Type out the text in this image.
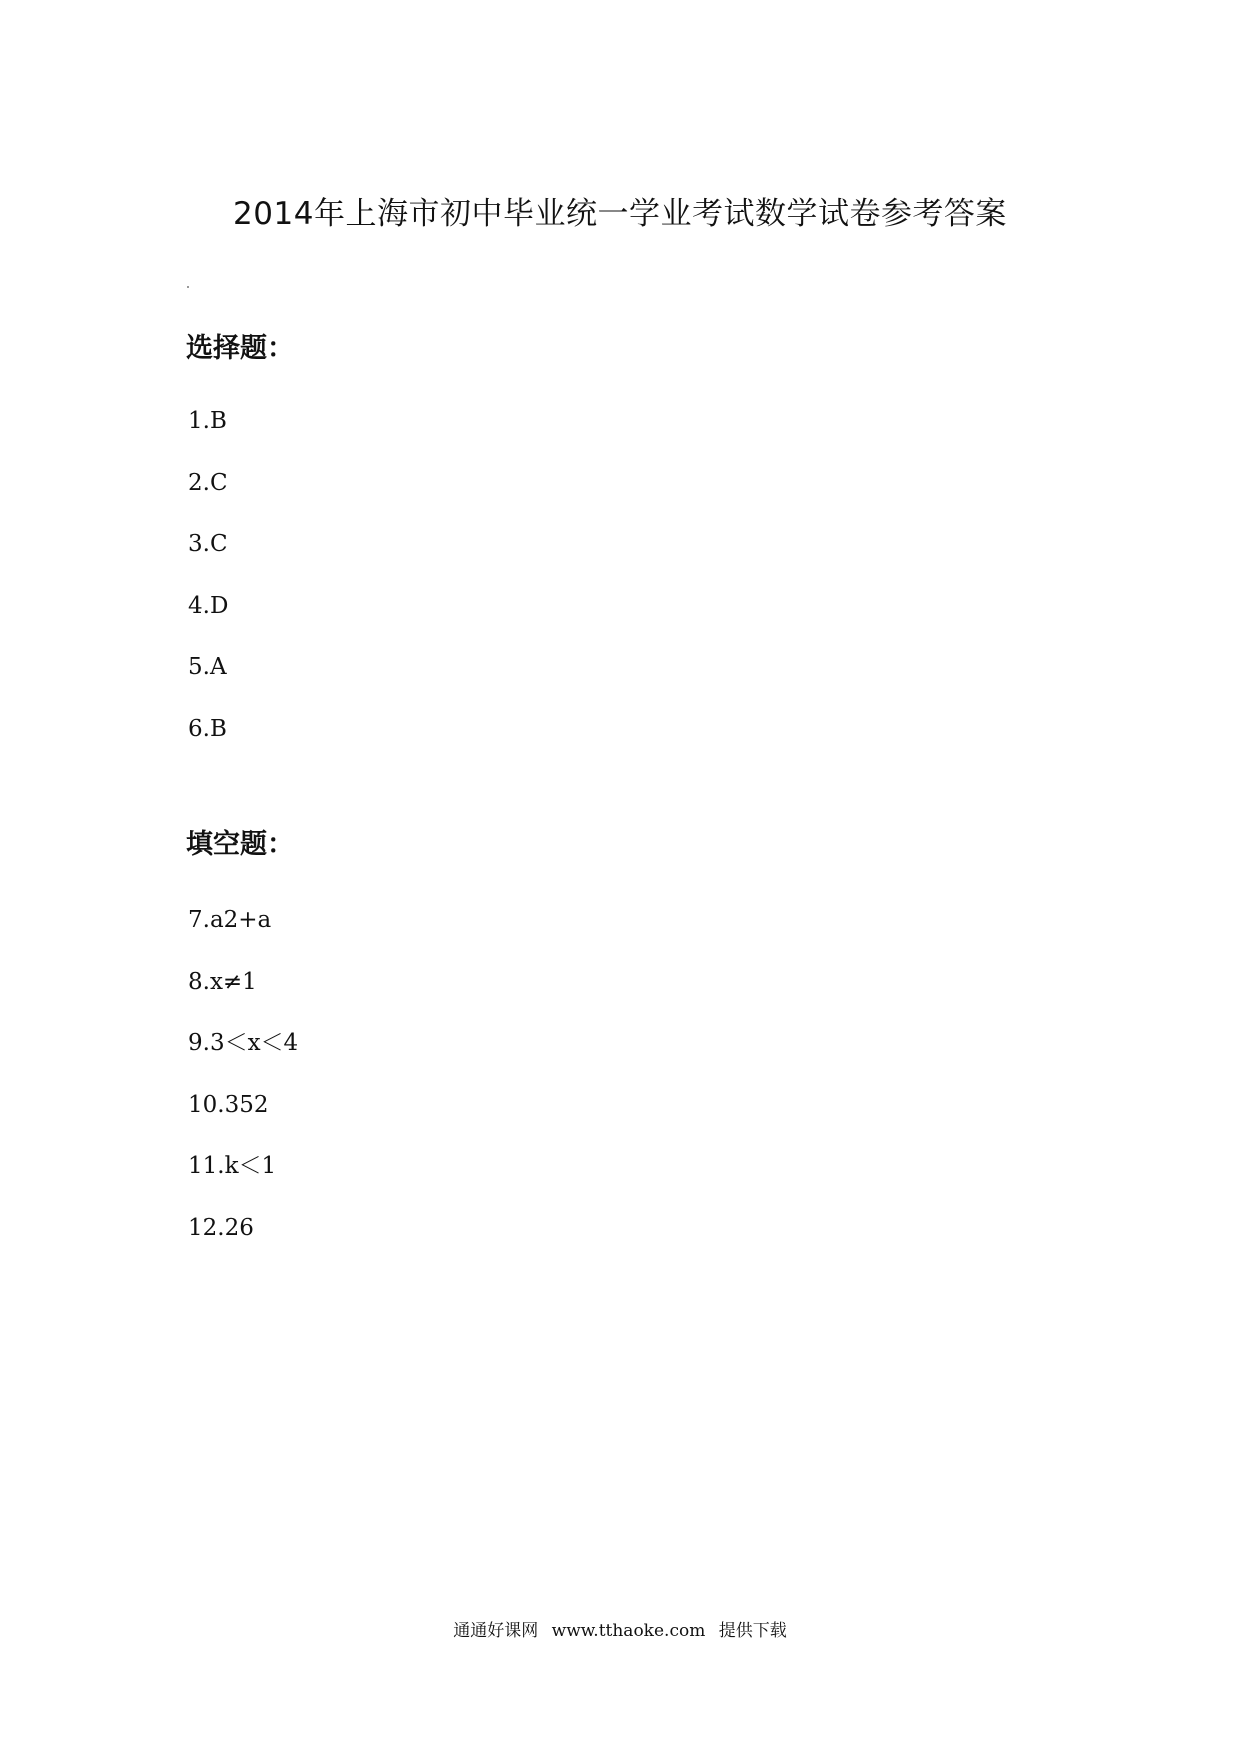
2014年上海市初中毕业统一学业考试数学试卷参考答案
选择题：
1.B
2.C
3.C
4.D
5.A
6.B
填空题：
7.a2+a
8.x≠1
9.3＜x＜4
10.352
11.k＜1
12.26
通通好课网 www.tthaoke.com 提供下载
